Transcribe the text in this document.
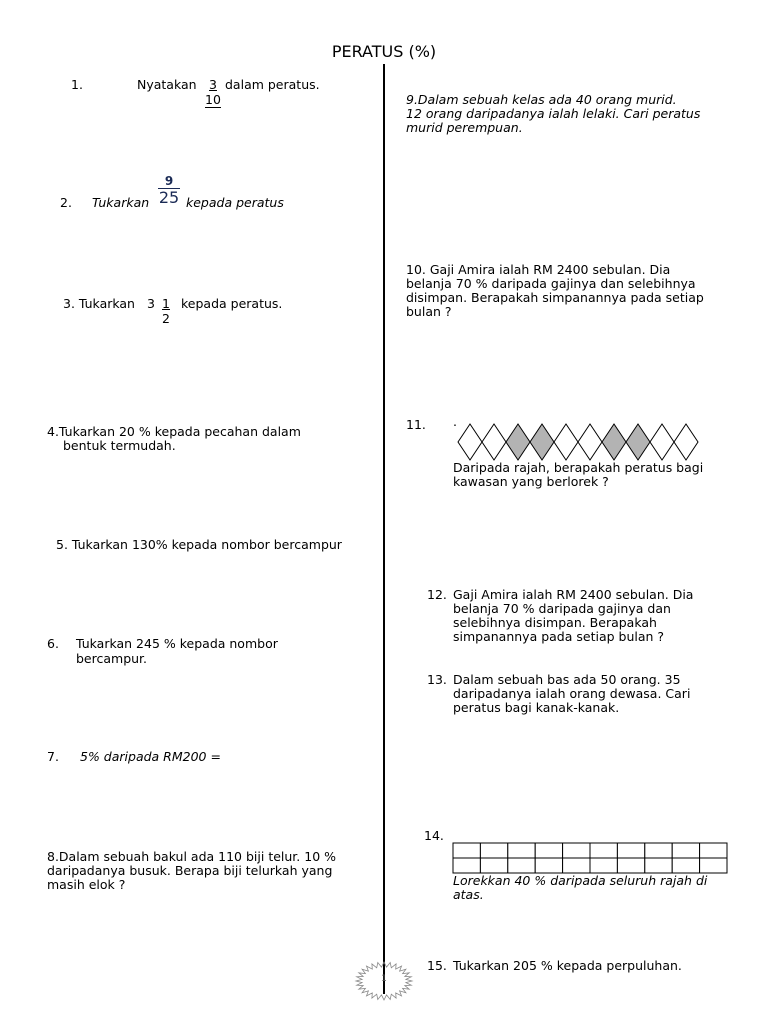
PERATUS (%)
1.	Nyatakan $\frac{3}{10}$ dalam peratus.
2. Tukarkan
9
25 kepada peratus
3. Tukarkan $3 \frac{1}{2}$ kepada peratus.
4.Tukarkan 20 % kepada pecahan dalam
bentuk termudah.
5. Tukarkan 130% kepada nombor bercampur
6. Tukarkan 245 % kepada nombor
bercampur.
7. 5% daripada RM200 =
8.Dalam sebuah bakul ada 110 biji telur. 10 %
daripadanya busuk. Berapa biji telurkah yang
masih elok ?
9.Dalam sebuah kelas ada 40 orang murid.
12 orang daripadanya ialah lelaki. Cari peratus
murid perempuan.
10. Gaji Amira ialah RM 2400 sebulan. Dia
belanja 70 % daripada gajinya dan selebihnya
disimpan. Berapakah simpanannya pada setiap
bulan ?
11. .
Daripada rajah, berapakah peratus bagi
kawasan yang berlorek ?
12. Gaji Amira ialah RM 2400 sebulan. Dia
belanja 70 % daripada gajinya dan
selebihnya disimpan. Berapakah
simpanannya pada setiap bulan ?
13. Dalam sebuah bas ada 50 orang. 35
daripadanya ialah orang dewasa. Cari
peratus bagi kanak-kanak.
14.
Lorekkan 40 % daripada seluruh rajah di
atas.
15. Tukarkan 205 % kepada perpuluhan.
1
